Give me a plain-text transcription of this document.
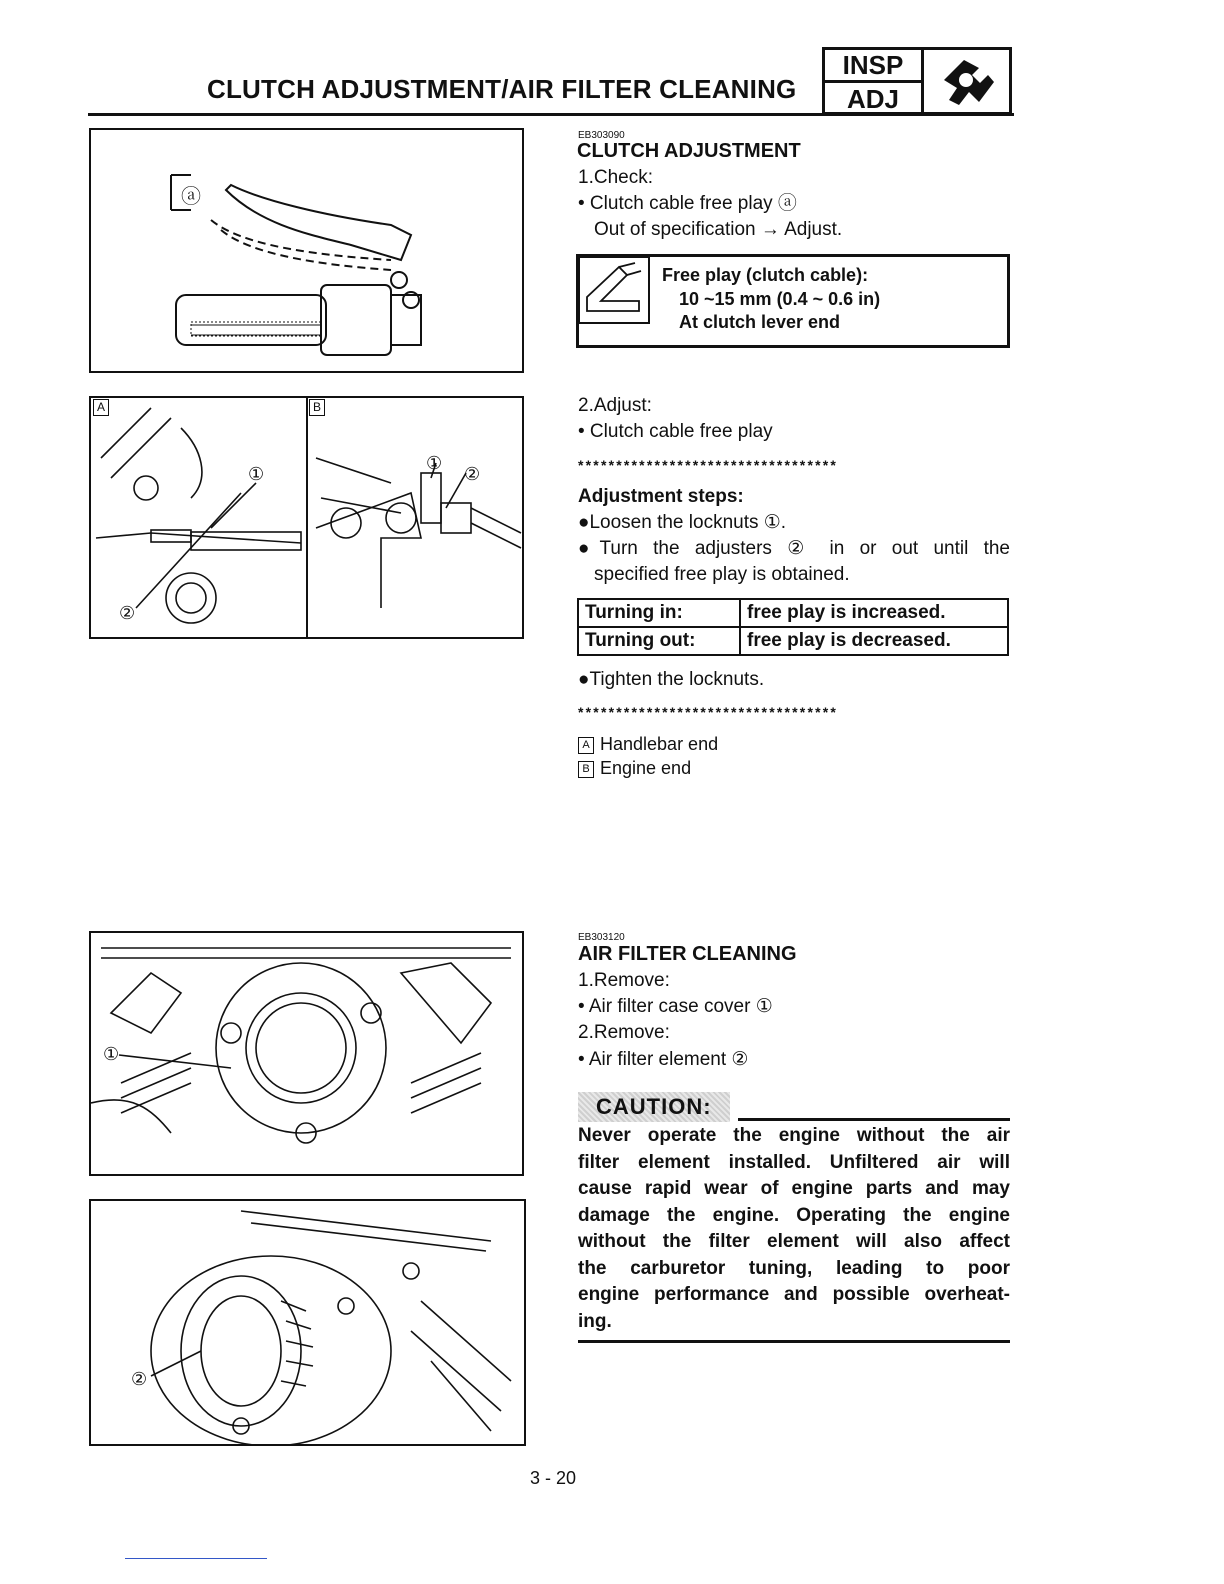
CLUTCH ADJUSTMENT/AIR FILTER CLEANING
INSP
ADJ
ⓐ
A	B
①
②
①
②
EB303090
CLUTCH ADJUSTMENT
1.Check:
• Clutch cable free play ⓐ
Out of specification → Adjust.
Free play (clutch cable):
10 ~15 mm (0.4 ~ 0.6 in)
At clutch lever end
2.Adjust:
• Clutch cable free play
**********************************
Adjustment steps:
●Loosen the locknuts ①.
●Turn the adjusters ② in or out until the
specified free play is obtained.
Turning in:	free play is increased.
Turning out:	free play is decreased.
●Tighten the locknuts.
**********************************
A Handlebar end
B Engine end
①
②
EB303120
AIR FILTER CLEANING
1.Remove:
• Air filter case cover ①
2.Remove:
• Air filter element ②
CAUTION:
Never operate the engine without the air
filter element installed. Unfiltered air will
cause rapid wear of engine parts and may
damage the engine. Operating the engine
without the filter element will also affect
the carburetor tuning, leading to poor
engine performance and possible overheat-
ing.
3 - 20
